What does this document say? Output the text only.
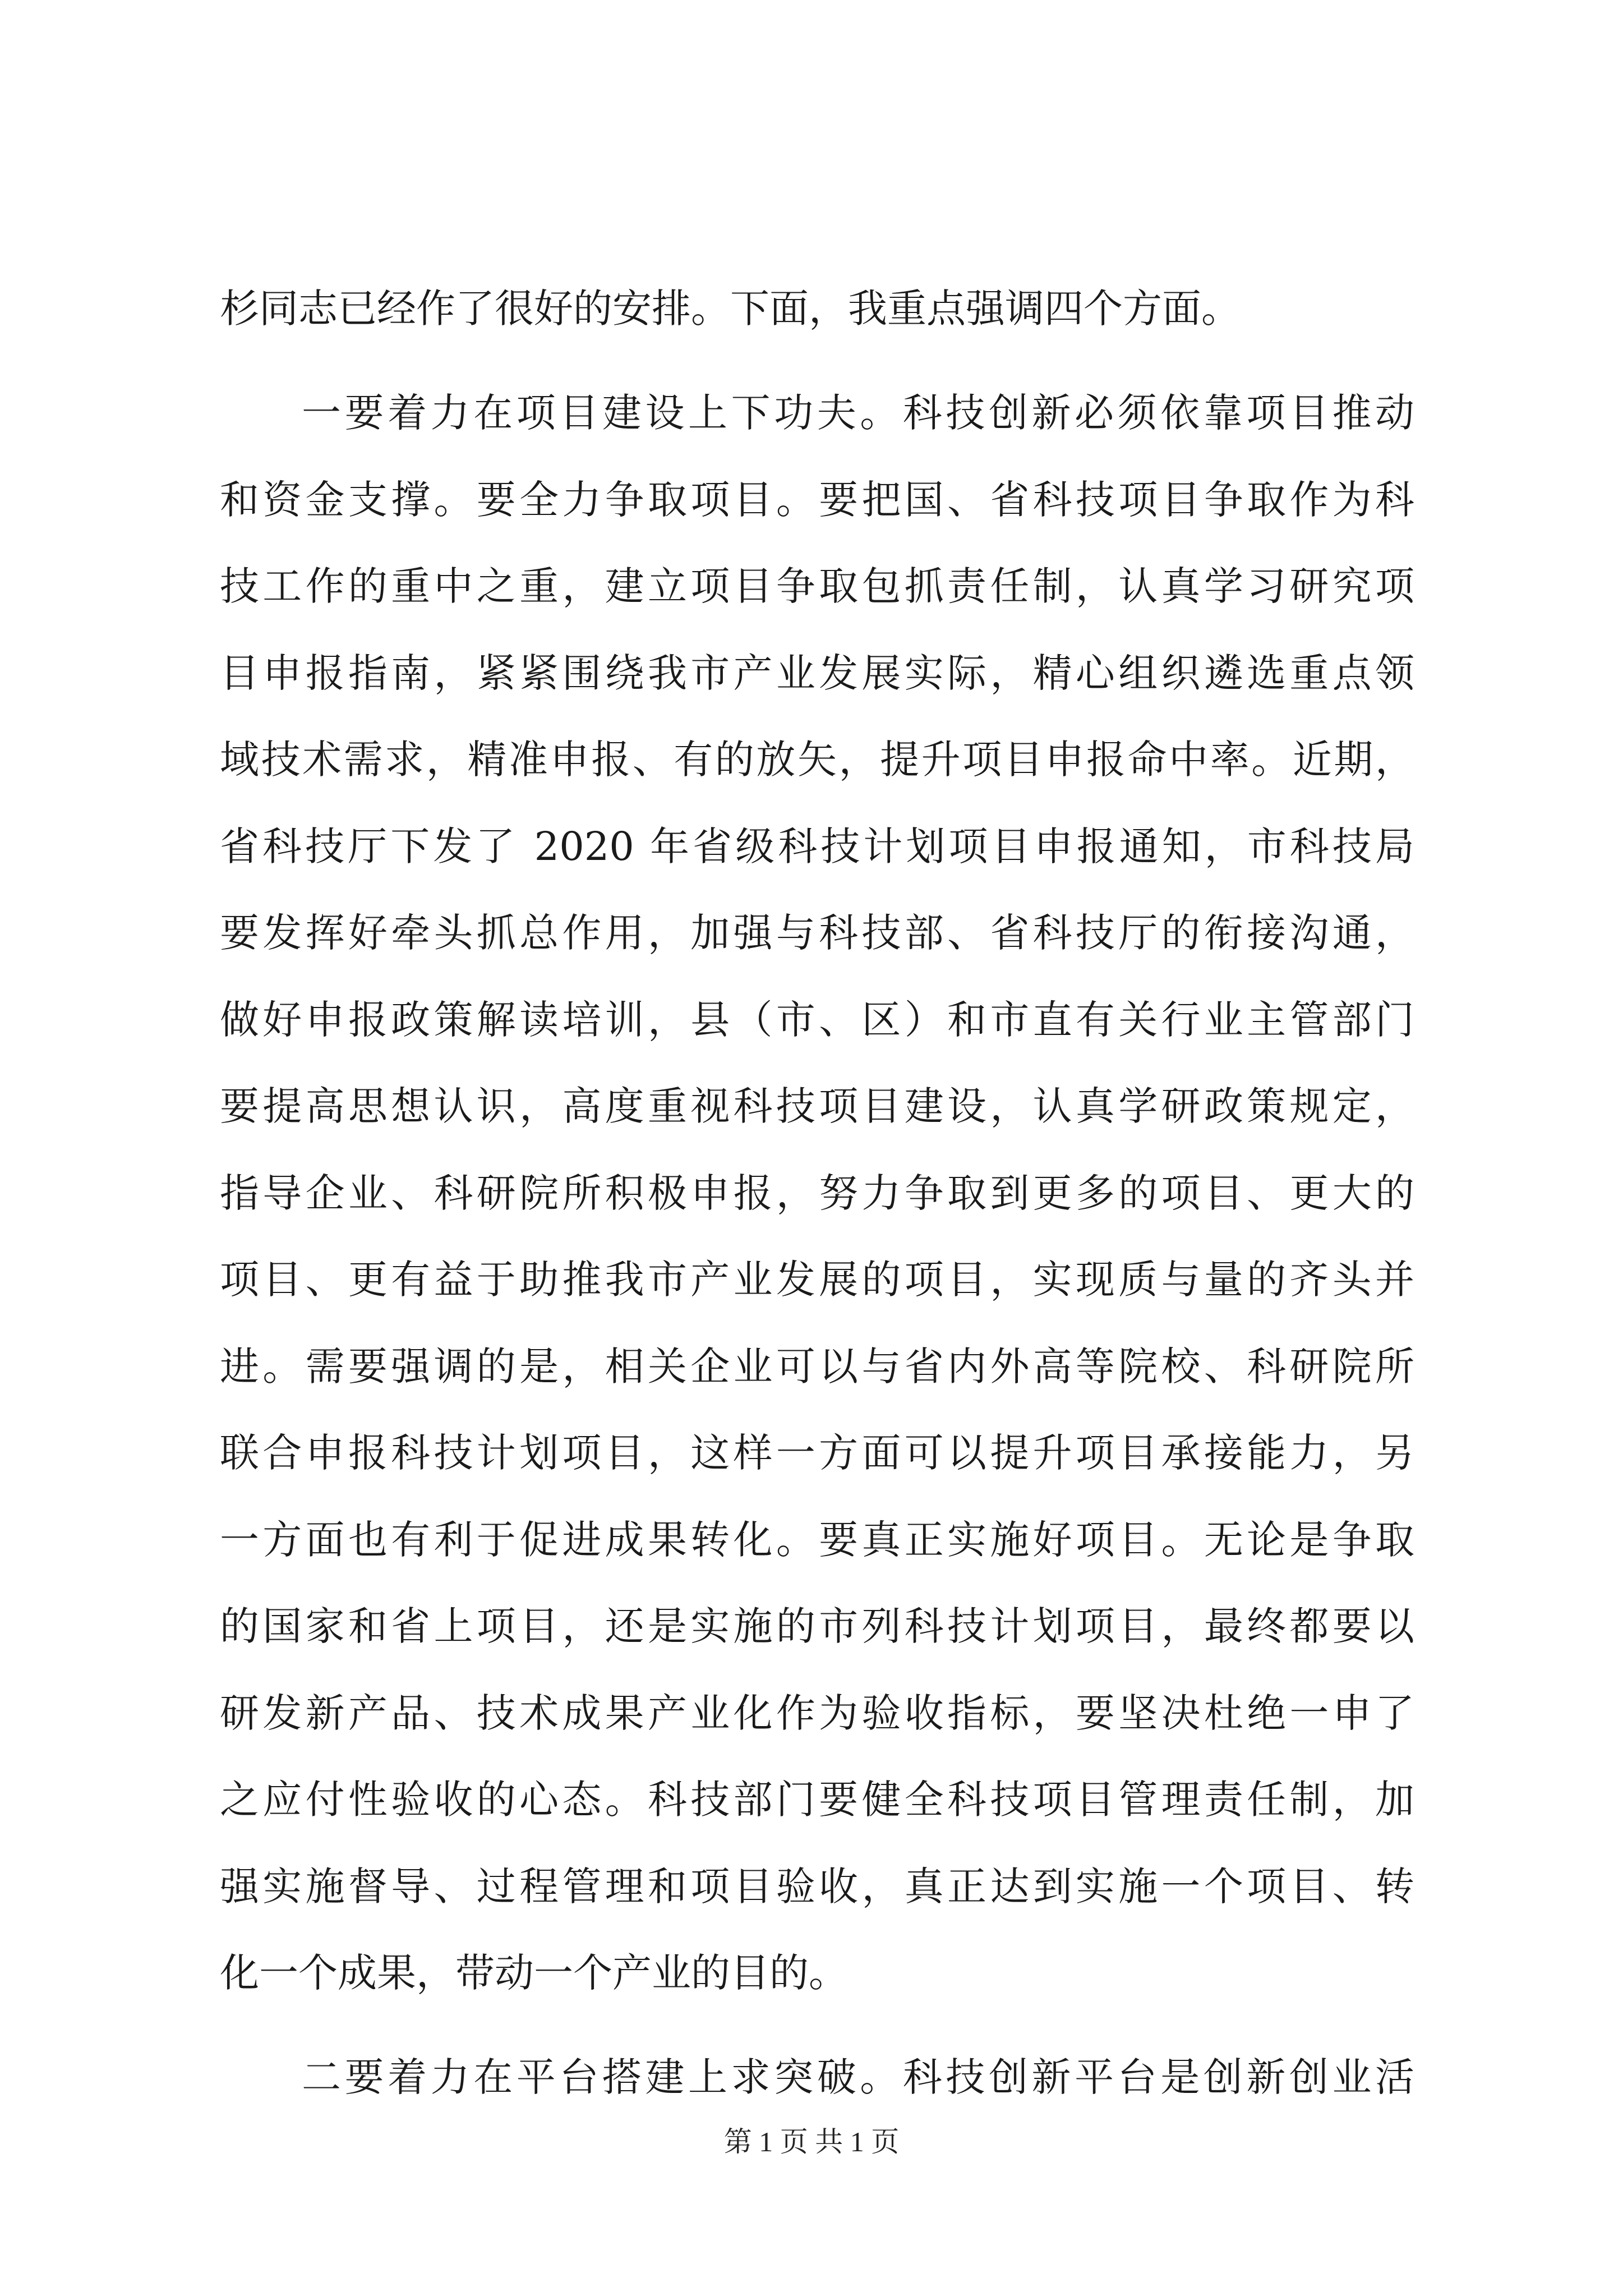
杉同志已经作了很好的安排。下面，我重点强调四个方面。
一要着力在项目建设上下功夫。科技创新必须依靠项目推动
和资金支撑。要全力争取项目。要把国、省科技项目争取作为科
技工作的重中之重，建立项目争取包抓责任制，认真学习研究项
目申报指南，紧紧围绕我市产业发展实际，精心组织遴选重点领
域技术需求，精准申报、有的放矢，提升项目申报命中率。近期，
省科技厅下发了 2020 年省级科技计划项目申报通知，市科技局
要发挥好牵头抓总作用，加强与科技部、省科技厅的衔接沟通，
做好申报政策解读培训，县（市、区）和市直有关行业主管部门
要提高思想认识，高度重视科技项目建设，认真学研政策规定，
指导企业、科研院所积极申报，努力争取到更多的项目、更大的
项目、更有益于助推我市产业发展的项目，实现质与量的齐头并
进。需要强调的是，相关企业可以与省内外高等院校、科研院所
联合申报科技计划项目，这样一方面可以提升项目承接能力，另
一方面也有利于促进成果转化。要真正实施好项目。无论是争取
的国家和省上项目，还是实施的市列科技计划项目，最终都要以
研发新产品、技术成果产业化作为验收指标，要坚决杜绝一申了
之应付性验收的心态。科技部门要健全科技项目管理责任制，加
强实施督导、过程管理和项目验收，真正达到实施一个项目、转
化一个成果，带动一个产业的目的。
二要着力在平台搭建上求突破。科技创新平台是创新创业活
第 1 页 共 1 页
